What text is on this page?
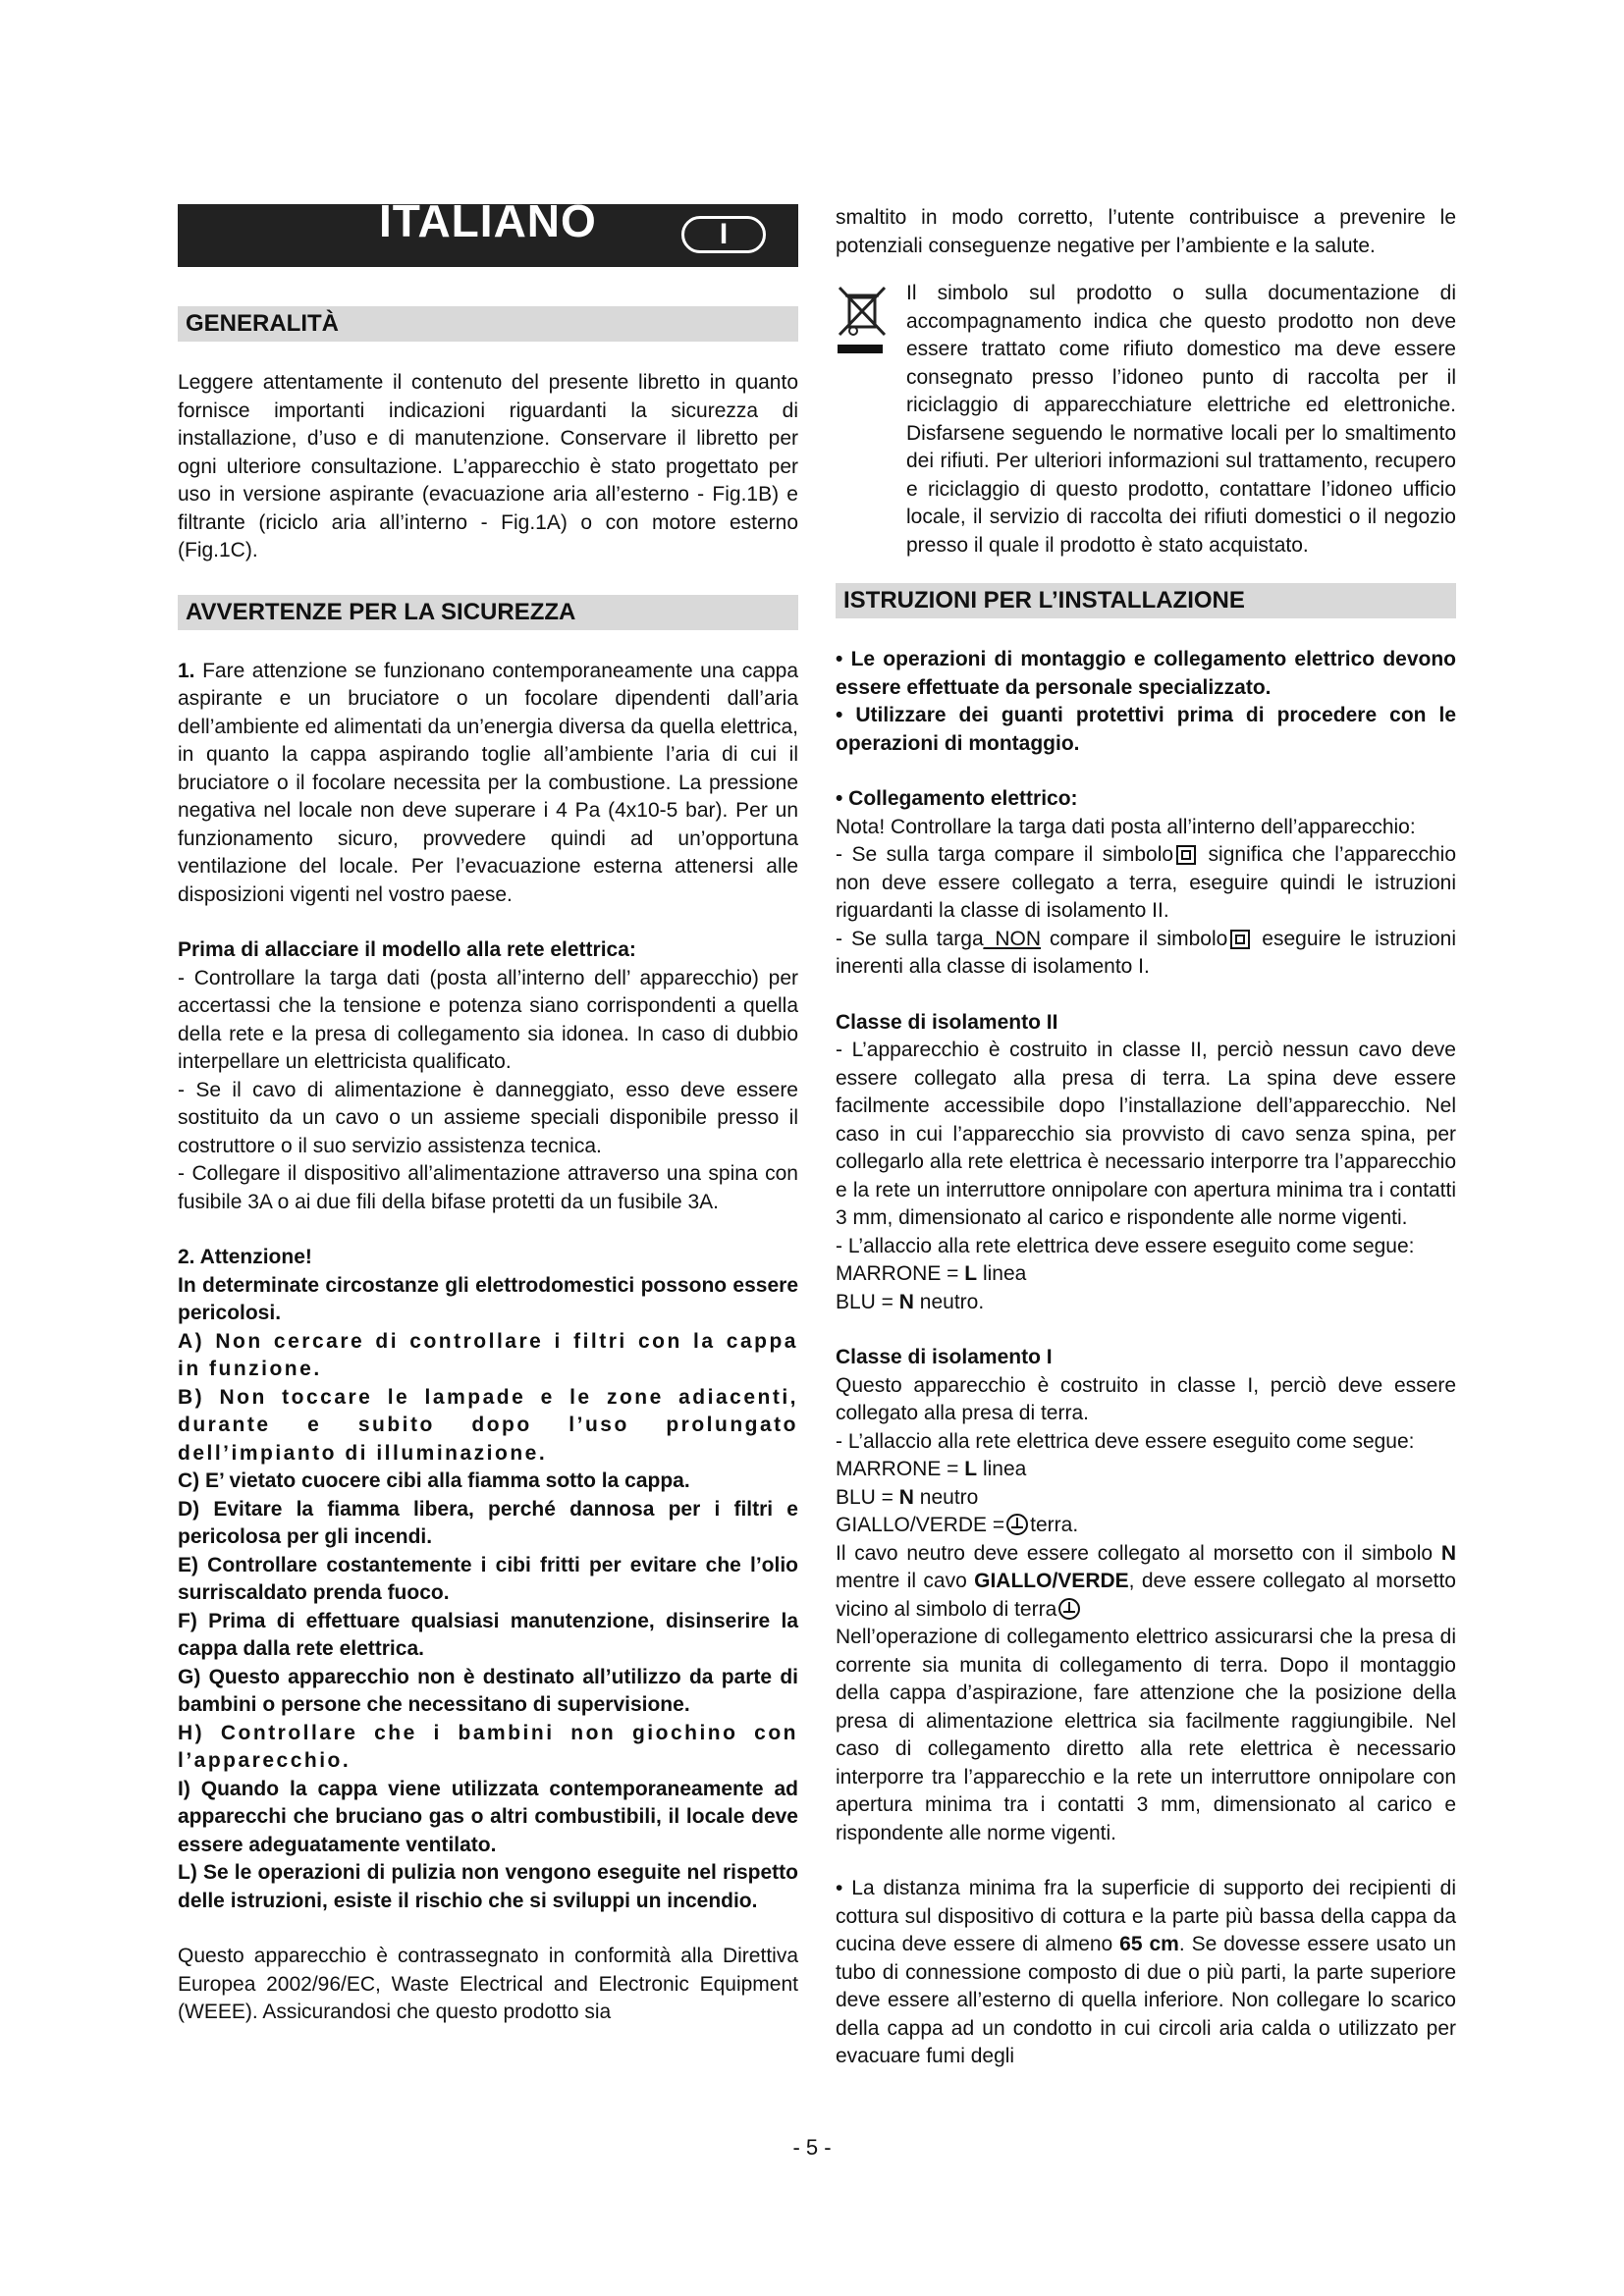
ITALIANO	I
GENERALITÀ

Leggere attentamente il contenuto del presente libretto in quanto fornisce importanti indicazioni riguardanti la sicurezza di installazione, d’uso e di manutenzione. Conservare il libretto per ogni ulteriore consultazione. L’apparecchio è stato progettato per uso in versione aspirante (evacuazione aria all’esterno - Fig.1B) e filtrante (riciclo aria all’interno - Fig.1A) o con motore esterno (Fig.1C).

AVVERTENZE PER LA SICUREZZA

1. Fare attenzione se funzionano contemporaneamente una cappa aspirante e un bruciatore o un focolare dipendenti dall’aria dell’ambiente ed alimentati da un’energia diversa da quella elettrica, in quanto la cappa aspirando toglie all’ambiente l’aria di cui il bruciatore o il focolare necessita per la combustione. La pressione negativa nel locale non deve superare i 4 Pa (4x10-5 bar). Per un funzionamento sicuro, provvedere quindi ad un’opportuna ventilazione del locale. Per l’evacuazione esterna attenersi alle disposizioni vigenti nel vostro paese.

Prima di allacciare il modello alla rete elettrica:

- Controllare la targa dati (posta all’interno dell’ apparecchio) per accertassi che la tensione e potenza siano corrispondenti a quella della rete e la presa di collegamento sia idonea. In caso di dubbio interpellare un elettricista qualificato.

- Se il cavo di alimentazione è danneggiato, esso deve essere sostituito da un cavo o un assieme speciali disponibile presso il costruttore o il suo servizio assistenza tecnica.

- Collegare il dispositivo all’alimentazione attraverso una spina con fusibile 3A o ai due fili della bifase protetti da un fusibile 3A.

2. Attenzione!

In determinate circostanze gli elettrodomestici possono essere pericolosi.

A) Non cercare di controllare i filtri con la cappa in funzione.

B) Non toccare le lampade e le zone adiacenti, durante e subito dopo l’uso prolungato dell’impianto di illuminazione.

C) E’ vietato cuocere cibi alla fiamma sotto la cappa.

D) Evitare la fiamma libera, perché dannosa per i filtri e pericolosa per gli incendi.

E) Controllare costantemente i cibi fritti per evitare che l’olio surriscaldato prenda fuoco.

F) Prima di effettuare qualsiasi manutenzione, disinserire la cappa dalla rete elettrica.

G) Questo apparecchio non è destinato all’utilizzo da parte di bambini o persone che necessitano di supervisione.

H) Controllare che i bambini non giochino con l’apparecchio.

I) Quando la cappa viene utilizzata contemporaneamente ad apparecchi che bruciano gas o altri combustibili, il locale deve essere adeguatamente ventilato.

L) Se le operazioni di pulizia non vengono eseguite nel rispetto delle istruzioni, esiste il rischio che si sviluppi un incendio.

Questo apparecchio è contrassegnato in conformità alla Direttiva Europea 2002/96/EC, Waste Electrical and Electronic Equipment (WEEE). Assicurandosi che questo prodotto sia

smaltito in modo corretto, l’utente contribuisce a prevenire le potenziali conseguenze negative per l’ambiente e la salute.

Il simbolo sul prodotto o sulla documentazione di accompagnamento indica che questo prodotto non deve essere trattato come rifiuto domestico ma deve essere consegnato presso l’idoneo punto di raccolta per il riciclaggio di apparecchiature elettriche ed elettroniche. Disfarsene seguendo le normative locali per lo smaltimento dei rifiuti. Per ulteriori informazioni sul trattamento, recupero e riciclaggio di questo prodotto, contattare l’idoneo ufficio locale, il servizio di raccolta dei rifiuti domestici o il negozio presso il quale il prodotto è stato acquistato.

ISTRUZIONI PER L’INSTALLAZIONE

• Le operazioni di montaggio e collegamento elettrico devono essere effettuate da personale specializzato.

• Utilizzare dei guanti protettivi prima di procedere con le operazioni di montaggio.

• Collegamento elettrico:

Nota! Controllare la targa dati posta all’interno dell’apparecchio:

- Se sulla targa compare il simbolo significa che l’apparecchio non deve essere collegato a terra, eseguire quindi le istruzioni riguardanti la classe di isolamento II.

- Se sulla targa_NON compare il simbolo eseguire le istruzioni inerenti alla classe di isolamento I.

Classe di isolamento II

- L’apparecchio è costruito in classe II, perciò nessun cavo deve essere collegato alla presa di terra. La spina deve essere facilmente accessibile dopo l’installazione dell’apparecchio. Nel caso in cui l’apparecchio sia provvisto di cavo senza spina, per collegarlo alla rete elettrica è necessario interporre tra l’apparecchio e la rete un interruttore onnipolare con apertura minima tra i contatti 3 mm, dimensionato al carico e rispondente alle norme vigenti.

- L’allaccio alla rete elettrica deve essere eseguito come segue:

MARRONE = L linea

BLU = N neutro.

Classe di isolamento I

Questo apparecchio è costruito in classe I, perciò deve essere collegato alla presa di terra.

- L’allaccio alla rete elettrica deve essere eseguito come segue:

MARRONE = L linea

BLU = N neutro

GIALLO/VERDE = terra.

Il cavo neutro deve essere collegato al morsetto con il simbolo N mentre il cavo GIALLO/VERDE, deve essere collegato al morsetto vicino al simbolo di terra

Nell’operazione di collegamento elettrico assicurarsi che la presa di corrente sia munita di collegamento di terra. Dopo il montaggio della cappa d’aspirazione, fare attenzione che la posizione della presa di alimentazione elettrica sia facilmente raggiungibile. Nel caso di collegamento diretto alla rete elettrica è necessario interporre tra l’apparecchio e la rete un interruttore onnipolare con apertura minima tra i contatti 3 mm, dimensionato al carico e rispondente alle norme vigenti.

• La distanza minima fra la superficie di supporto dei recipienti di cottura sul dispositivo di cottura e la parte più bassa della cappa da cucina deve essere di almeno 65 cm. Se dovesse essere usato un tubo di connessione composto di due o più parti, la parte superiore deve essere all’esterno di quella inferiore. Non collegare lo scarico della cappa ad un condotto in cui circoli aria calda o utilizzato per evacuare fumi degli

- 5 -
